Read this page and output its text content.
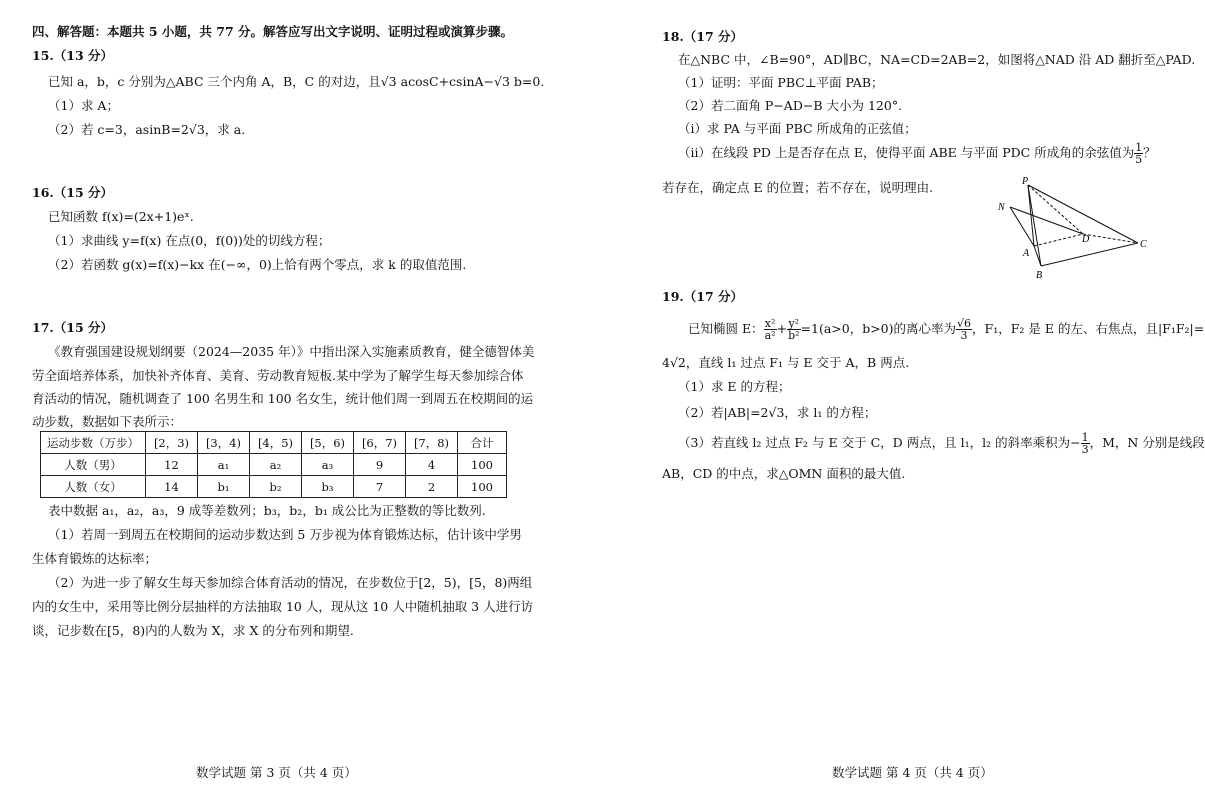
四、解答题：本题共 5 小题，共 77 分。解答应写出文字说明、证明过程或演算步骤。
15.（13 分）
已知 a，b，c 分别为△ABC 三个内角 A，B，C 的对边，且√3 acosC+csinA−√3 b=0.
（1）求 A；
（2）若 c=3，asinB=2√3，求 a.
16.（15 分）
已知函数 f(x)=(2x+1)eˣ.
（1）求曲线 y=f(x) 在点(0，f(0))处的切线方程；
（2）若函数 g(x)=f(x)−kx 在(−∞，0)上恰有两个零点，求 k 的取值范围.
17.（15 分）
《教育强国建设规划纲要（2024—2035 年）》中指出深入实施素质教育，健全德智体美
劳全面培养体系，加快补齐体育、美育、劳动教育短板.某中学为了解学生每天参加综合体
育活动的情况，随机调查了 100 名男生和 100 名女生，统计他们周一到周五在校期间的运
动步数，数据如下表所示：
运动步数（万步）	[2，3)	[3，4)	[4，5)	[5，6)	[6，7)	[7，8)	合计
人数（男）	12	a₁	a₂	a₃	9	4	100
人数（女）	14	b₁	b₂	b₃	7	2	100
表中数据 a₁，a₂，a₃，9 成等差数列；b₃，b₂，b₁ 成公比为正整数的等比数列.
（1）若周一到周五在校期间的运动步数达到 5 万步视为体育锻炼达标，估计该中学男
生体育锻炼的达标率；
（2）为进一步了解女生每天参加综合体育活动的情况，在步数位于[2，5)，[5，8)两组
内的女生中，采用等比例分层抽样的方法抽取 10 人，现从这 10 人中随机抽取 3 人进行访
谈，记步数在[5，8)内的人数为 X，求 X 的分布列和期望.
数学试题 第 3 页（共 4 页）
18.（17 分）
在△NBC 中，∠B=90°，AD∥BC，NA=CD=2AB=2，如图将△NAD 沿 AD 翻折至△PAD.
（1）证明：平面 PBC⊥平面 PAB；
（2）若二面角 P−AD−B 大小为 120°.
（ⅰ）求 PA 与平面 PBC 所成角的正弦值；
（ⅱ）在线段 PD 上是否存在点 E，使得平面 ABE 与平面 PDC 所成角的余弦值为 $\frac{1}{5}$ ？
若存在，确定点 E 的位置；若不存在，说明理由.
19.（17 分）
已知椭圆 E： $\frac{\text{x²}}{\text{a²}} + \frac{\text{y²}}{\text{b²}} =1(a>0$，b>0)的离心率为 $\frac{√6}{3}$ ，F₁，F₂ 是 E 的左、右焦点，且|F₁F₂|=
4√2，直线 l₁ 过点 F₁ 与 E 交于 A，B 两点.
（1）求 E 的方程；
（2）若|AB|=2√3，求 l₁ 的方程；
（3）若直线 l₂ 过点 F₂ 与 E 交于 C，D 两点，且 l₁，l₂ 的斜率乘积为− $\frac{1}{3}$ ，M，N 分别是线段
AB，CD 的中点，求△OMN 面积的最大值.
数学试题 第 4 页（共 4 页）
P
N
D
A
B
C
